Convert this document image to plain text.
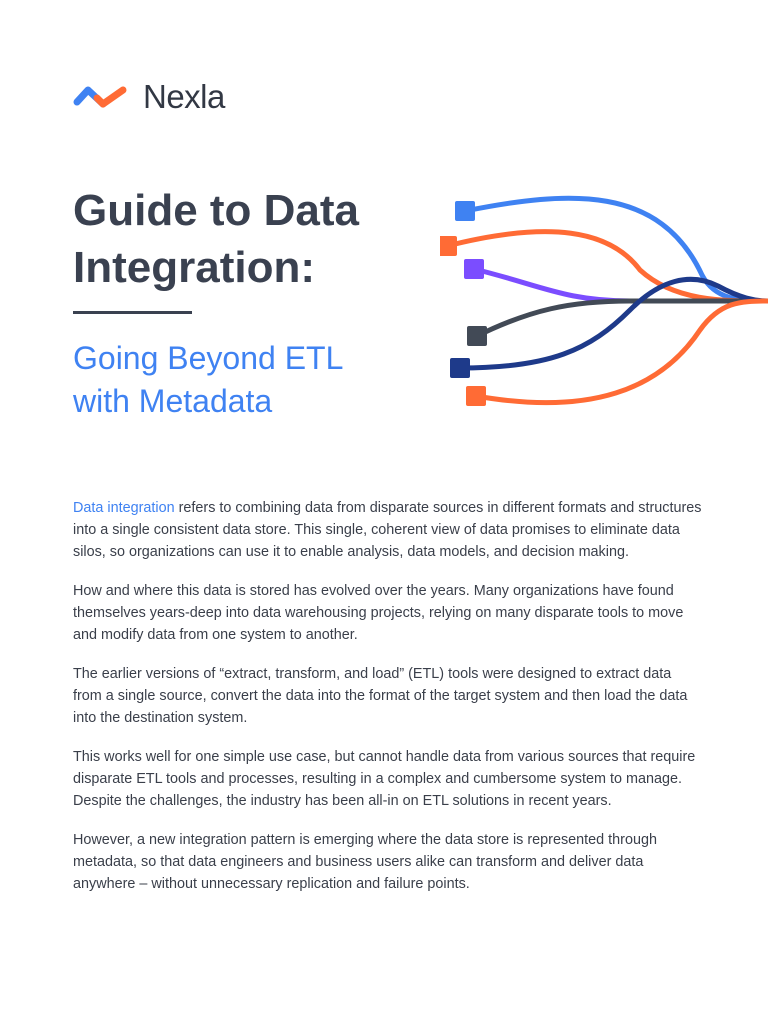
Nexla
Guide to Data
Integration:
Going Beyond ETL
with Metadata

Data integration refers to combining data from disparate sources in different formats and structures into a single consistent data store. This single, coherent view of data promises to eliminate data silos, so organizations can use it to enable analysis, data models, and decision making.

How and where this data is stored has evolved over the years. Many organizations have found themselves years-deep into data warehousing projects, relying on many disparate tools to move and modify data from one system to another.

The earlier versions of “extract, transform, and load” (ETL) tools were designed to extract data from a single source, convert the data into the format of the target system and then load the data into the destination system.

This works well for one simple use case, but cannot handle data from various sources that require disparate ETL tools and processes, resulting in a complex and cumbersome system to manage. Despite the challenges, the industry has been all-in on ETL solutions in recent years.

However, a new integration pattern is emerging where the data store is represented through metadata, so that data engineers and business users alike can transform and deliver data anywhere – without unnecessary replication and failure points.
